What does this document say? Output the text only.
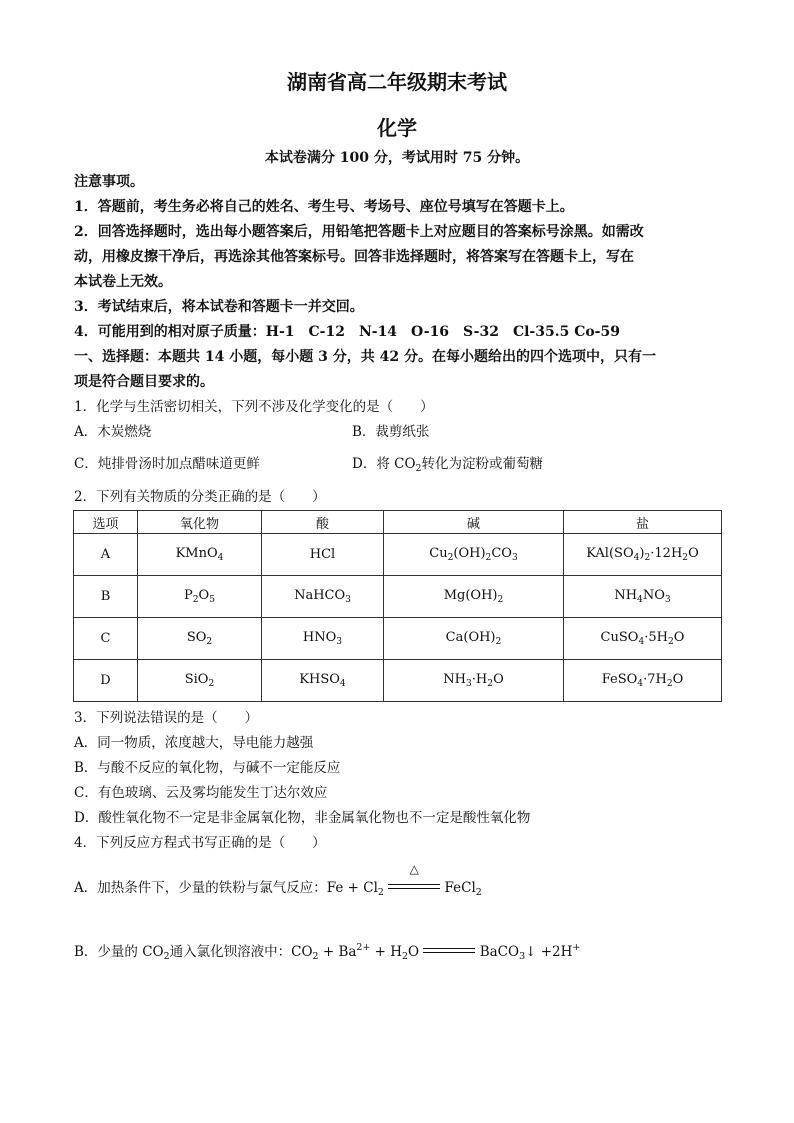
湖南省高二年级期末考试
化学
本试卷满分 100 分，考试用时 75 分钟。
注意事项。
1．答题前，考生务必将自己的姓名、考生号、考场号、座位号填写在答题卡上。
2．回答选择题时，选出每小题答案后，用铅笔把答题卡上对应题目的答案标号涂黑。如需改
动，用橡皮擦干净后，再选涂其他答案标号。回答非选择题时，将答案写在答题卡上，写在
本试卷上无效。
3．考试结束后，将本试卷和答题卡一并交回。
4．可能用到的相对原子质量：H-1　C-12　N-14　O-16　S-32　Cl-35.5 Co-59
一、选择题：本题共 14 小题，每小题 3 分，共 42 分。在每小题给出的四个选项中，只有一
项是符合题目要求的。
1．化学与生活密切相关，下列不涉及化学变化的是（　　）
A．木炭燃烧	B．裁剪纸张
C．炖排骨汤时加点醋味道更鲜	D．将 $CO_2$转化为淀粉或葡萄糖
2．下列有关物质的分类正确的是（　　）
选项	氧化物	酸	碱	盐
A	KMnO$_4$	HCl	$Cu_2(OH)_2CO_3$	$KAl(SO_4)_2\cdot 12H_2O$
B	$P_2O_5$	NaHCO$_3$	$Mg(OH)_2$	$NH_4NO_3$
C	$SO_2$	$HNO_3$	$Ca(OH)_2$	$CuSO_4\cdot 5H_2O$
D	SiO$_2$	$KHSO_4$	$NH_3\cdot H_2O$	$FeSO_4\cdot 7H_2O$
3．下列说法错误的是（　　）
A．同一物质，浓度越大，导电能力越强
B．与酸不反应的氧化物，与碱不一定能反应
C．有色玻璃、云及雾均能发生丁达尔效应
D．酸性氧化物不一定是非金属氧化物，非金属氧化物也不一定是酸性氧化物
4．下列反应方程式书写正确的是（　　）
A．加热条件下，少量的铁粉与氯气反应：$Fe + Cl_2$
△
FeCl$_2$
B．少量的 $CO_2$通入氯化钡溶液中：$CO_2 + Ba^{2+} + H_2O$	BaCO$_3$↓ +2H+
